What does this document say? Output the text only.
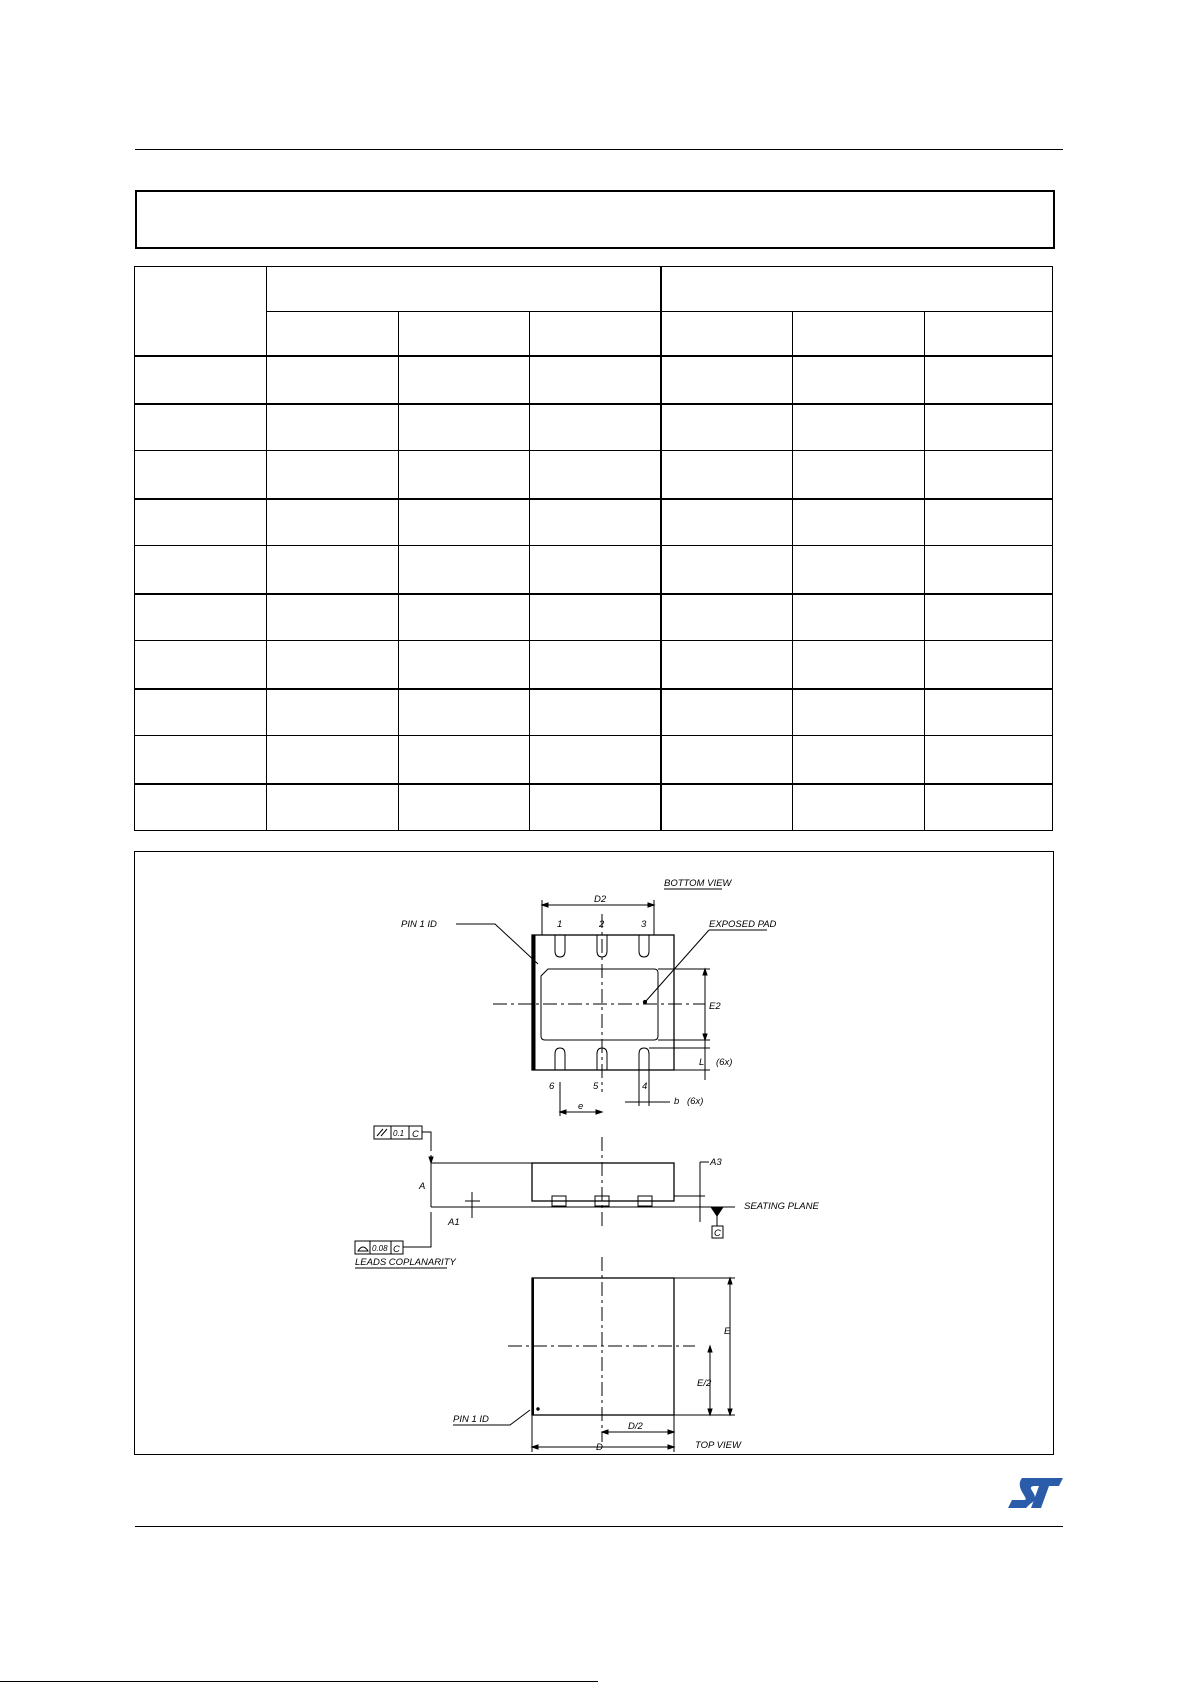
BOTTOM VIEW
1	2	3
4
5
6
D2
PIN 1 ID	EXPOSED PAD
E2
L (6x)
b (6x)
e
0.1 C
A
A1
0.08 C
LEADS COPLANARITY
A3
C
SEATING PLANE
E
E/2
D/2
D
PIN 1 ID
TOP VIEW
